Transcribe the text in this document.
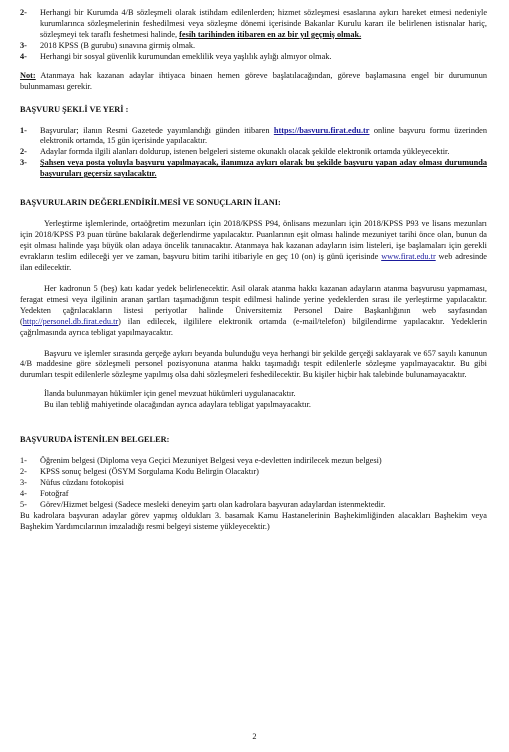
2-	Herhangi bir Kurumda 4/B sözleşmeli olarak istihdam edilenlerden; hizmet sözleşmesi esaslarına aykırı hareket etmesi nedeniyle kurumlarınca sözleşmelerinin feshedilmesi veya sözleşme dönemi içerisinde Bakanlar Kurulu kararı ile belirlenen istisnalar hariç, sözleşmeyi tek taraflı feshetmesi halinde, fesih tarihinden itibaren en az bir yıl geçmiş olmak.

3-	2018 KPSS (B gurubu) sınavına girmiş olmak.

4-	Herhangi bir sosyal güvenlik kurumundan emeklilik veya yaşlılık aylığı almıyor olmak.

Not: Atanmaya hak kazanan adaylar ihtiyaca binaen hemen göreve başlatılacağından, göreve başlamasına engel bir durumunun bulunmaması gerekir.

BAŞVURU ŞEKLİ VE YERİ :

1-	Başvurular; ilanın Resmi Gazetede yayımlandığı günden itibaren https://basvuru.firat.edu.tr online başvuru formu üzerinden elektronik ortamda, 15 gün içerisinde yapılacaktır.

2-	Adaylar formda ilgili alanları doldurup, istenen belgeleri sisteme okunaklı olacak şekilde elektronik ortamda yükleyecektir.

3-	Şahsen veya posta yoluyla başvuru yapılmayacak, ilanımıza aykırı olarak bu şekilde başvuru yapan aday olması durumunda başvuruları geçersiz sayılacaktır.

BAŞVURULARIN DEĞERLENDİRİLMESİ VE SONUÇLARIN İLANI:

Yerleştirme işlemlerinde, ortaöğretim mezunları için 2018/KPSS P94, önlisans mezunları için 2018/KPSS P93 ve lisans mezunları için 2018/KPSS P3 puan türüne bakılarak değerlendirme yapılacaktır. Puanlarının eşit olması halinde mezuniyet tarihi önce olan, bunun da eşit olması halinde yaşı büyük olan adaya öncelik tanınacaktır. Atanmaya hak kazanan adayların isim listeleri, işe başlamaları için gerekli evrakların teslim edileceği yer ve zaman, başvuru bitim tarihi itibariyle en geç 10 (on) iş günü içerisinde www.firat.edu.tr web adresinde ilan edilecektir.

Her kadronun 5 (beş) katı kadar yedek belirlenecektir. Asil olarak atanma hakkı kazanan adayların atanma başvurusu yapmaması, feragat etmesi veya ilgilinin aranan şartları taşımadığının tespit edilmesi halinde yerine yedeklerden sırası ile yerleştirme yapılacaktır. Yedekten çağrılacakların listesi periyotlar halinde Üniversitemiz Personel Daire Başkanlığının web sayfasından (http://personel.db.firat.edu.tr) ilan edilecek, ilgililere elektronik ortamda (e-mail/telefon) bilgilendirme yapılacaktır. Yedeklerin çağrılmasında ayrıca tebligat yapılmayacaktır.

Başvuru ve işlemler sırasında gerçeğe aykırı beyanda bulunduğu veya herhangi bir şekilde gerçeği saklayarak ve 657 sayılı kanunun 4/B maddesine göre sözleşmeli personel pozisyonuna atanma hakkı taşımadığı tespit edilenlerle sözleşme yapılmayacaktır. Bu gibi durumları tespit edilenlerle sözleşme yapılmış olsa dahi sözleşmeleri feshedilecektir. Bu kişiler hiçbir hak talebinde bulunamayacaktır.

İlanda bulunmayan hükümler için genel mevzuat hükümleri uygulanacaktır.

Bu ilan tebliğ mahiyetinde olacağından ayrıca adaylara tebligat yapılmayacaktır.

BAŞVURUDA İSTENİLEN BELGELER:

1-	Öğrenim belgesi (Diploma veya Geçici Mezuniyet Belgesi veya e-devletten indirilecek mezun belgesi)

2-	KPSS sonuç belgesi (ÖSYM Sorgulama Kodu Belirgin Olacaktır)

3-	Nüfus cüzdanı fotokopisi

4-	Fotoğraf

5-	Görev/Hizmet belgesi (Sadece mesleki deneyim şartı olan kadrolara başvuran adaylardan istenmektedir.

Bu kadrolara başvuran adaylar görev yapmış oldukları 3. basamak Kamu Hastanelerinin Başhekimliğinden alacakları Başhekim veya Başhekim Yardımcılarının imzaladığı resmi belgeyi sisteme yükleyecektir.)

2
